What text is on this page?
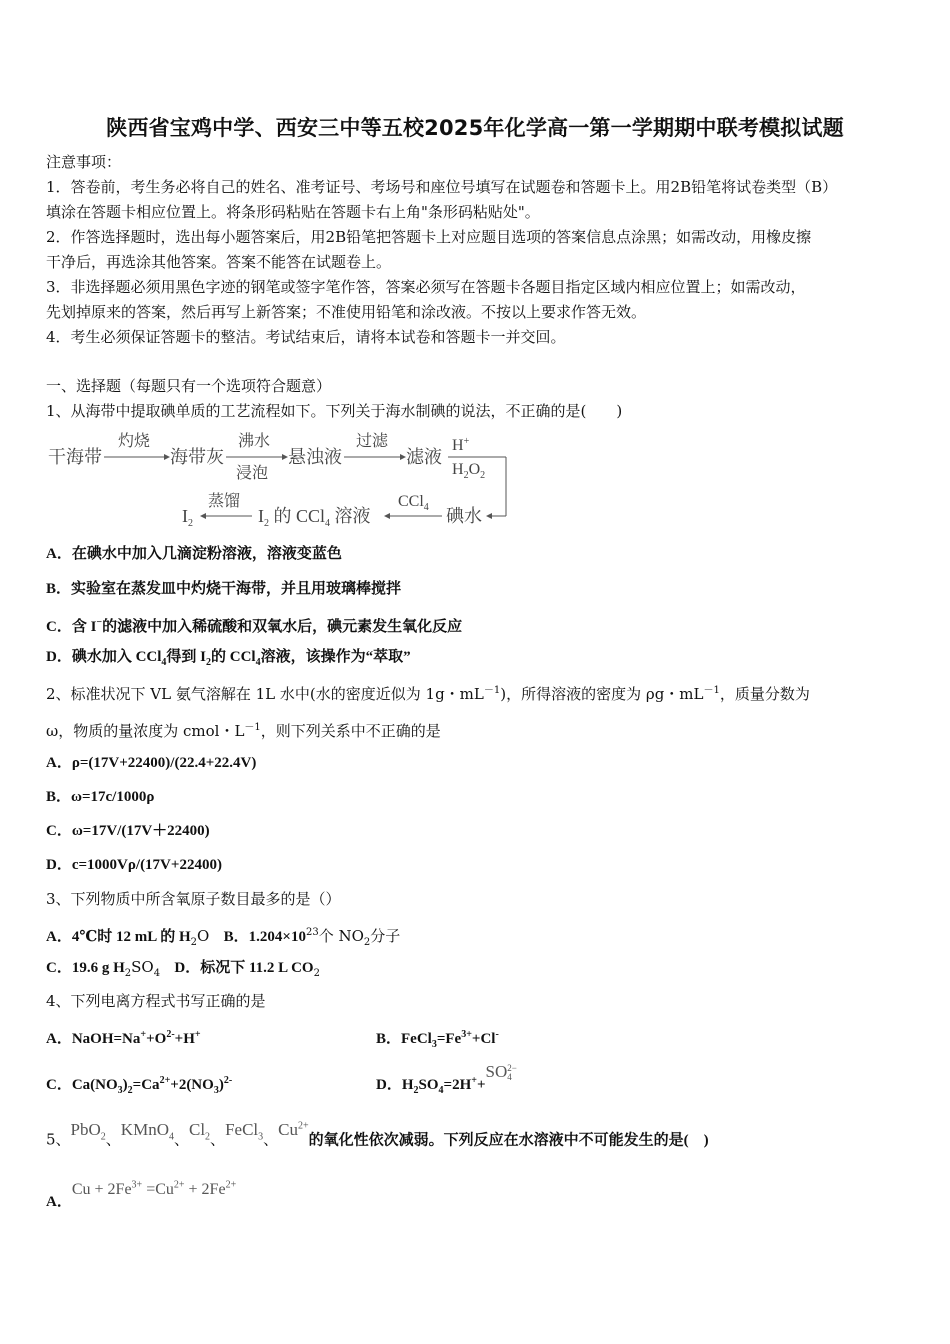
陕西省宝鸡中学、西安三中等五校2025年化学高一第一学期期中联考模拟试题
注意事项：
1．答卷前，考生务必将自己的姓名、准考证号、考场号和座位号填写在试题卷和答题卡上。用2B铅笔将试卷类型（B）
填涂在答题卡相应位置上。将条形码粘贴在答题卡右上角"条形码粘贴处"。
2．作答选择题时，选出每小题答案后，用2B铅笔把答题卡上对应题目选项的答案信息点涂黑；如需改动，用橡皮擦
干净后，再选涂其他答案。答案不能答在试题卷上。
3．非选择题必须用黑色字迹的钢笔或签字笔作答，答案必须写在答题卡各题目指定区域内相应位置上；如需改动，
先划掉原来的答案，然后再写上新答案；不准使用铅笔和涂改液。不按以上要求作答无效。
4．考生必须保证答题卡的整洁。考试结束后，请将本试卷和答题卡一并交回。
一、选择题（每题只有一个选项符合题意）
1、从海带中提取碘单质的工艺流程如下。下列关于海水制碘的说法，不正确的是(　　)
干海带
灼烧
海带灰
沸水
浸泡
悬浊液
过滤
滤液
H+
$H_2O_2$
碘水
CCl$_4$
$I_2$ 的 CCl$_4$ 溶液
蒸馏
$I_2$
A．在碘水中加入几滴淀粉溶液，溶液变蓝色
B．实验室在蒸发皿中灼烧干海带，并且用玻璃棒搅拌
C．含 I−的滤液中加入稀硫酸和双氧水后，碘元素发生氧化反应
D．碘水加入 CCl$_4$得到 $I_2$的 CCl$_4$溶液，该操作为“萃取”
2、标准状况下 VL 氨气溶解在 1L 水中(水的密度近似为 1g・$mL^{-1}$)，所得溶液的密度为 ρg・$mL^{-1}$，质量分数为
ω，物质的量浓度为 cmol・$L^{-1}$，则下列关系中不正确的是
A．ρ=(17V+22400)/(22.4+22.4V)
B．ω=17c/1000ρ
C．ω=17V/(17V＋22400)
D．c=1000Vρ/(17V+22400)
3、下列物质中所含氧原子数目最多的是（）
A．4℃时 12 mL 的 $H_2O$ B．$1.204\times 10^{23}$个 $NO_2$分子
C．19.6 g $H_2SO_4$ D．标况下 11.2 L $CO_2$
4、下列电离方程式书写正确的是
A．$NaOH=Na^++O^{2-}+H^+$	B．$FeCl_3=Fe^{3+}+Cl^-$
C．$Ca(NO_3)_2=Ca^{2+}+2(NO_3)^{2-}$	D．$H_2SO_4=2H^++SO$ 2−
4
5、PbO$_2$、KMnO$_4$、$Cl_2$、FeCl$_3$、$Cu^{2+}$的氧化性依次减弱。下列反应在水溶液中不可能发生的是(　)
A．$Cu + 2Fe^{3+} =Cu^{2+} + 2Fe^{2+}$
